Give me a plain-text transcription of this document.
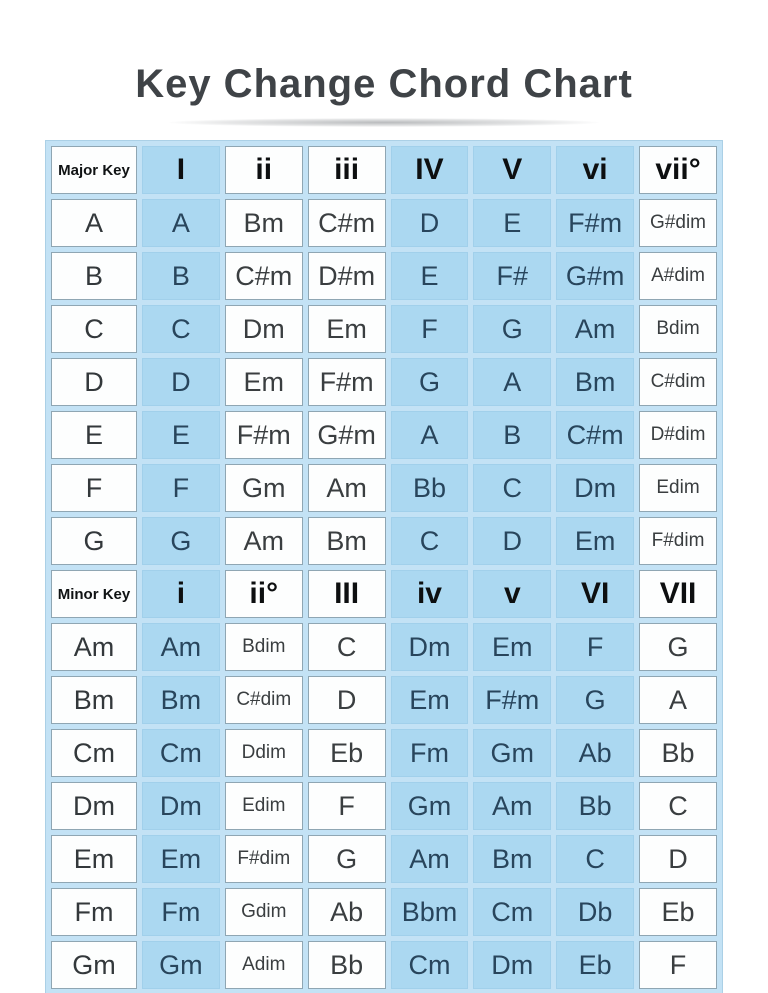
Key Change Chord Chart
Major Key	I	ii	iii	IV	V	vi	vii°
A	A	Bm	C#m	D	E	F#m	G#dim
B	B	C#m	D#m	E	F#	G#m	A#dim
C	C	Dm	Em	F	G	Am	Bdim
D	D	Em	F#m	G	A	Bm	C#dim
E	E	F#m	G#m	A	B	C#m	D#dim
F	F	Gm	Am	Bb	C	Dm	Edim
G	G	Am	Bm	C	D	Em	F#dim
Minor Key	i	ii°	III	iv	v	VI	VII
Am	Am	Bdim	C	Dm	Em	F	G
Bm	Bm	C#dim	D	Em	F#m	G	A
Cm	Cm	Ddim	Eb	Fm	Gm	Ab	Bb
Dm	Dm	Edim	F	Gm	Am	Bb	C
Em	Em	F#dim	G	Am	Bm	C	D
Fm	Fm	Gdim	Ab	Bbm	Cm	Db	Eb
Gm	Gm	Adim	Bb	Cm	Dm	Eb	F
